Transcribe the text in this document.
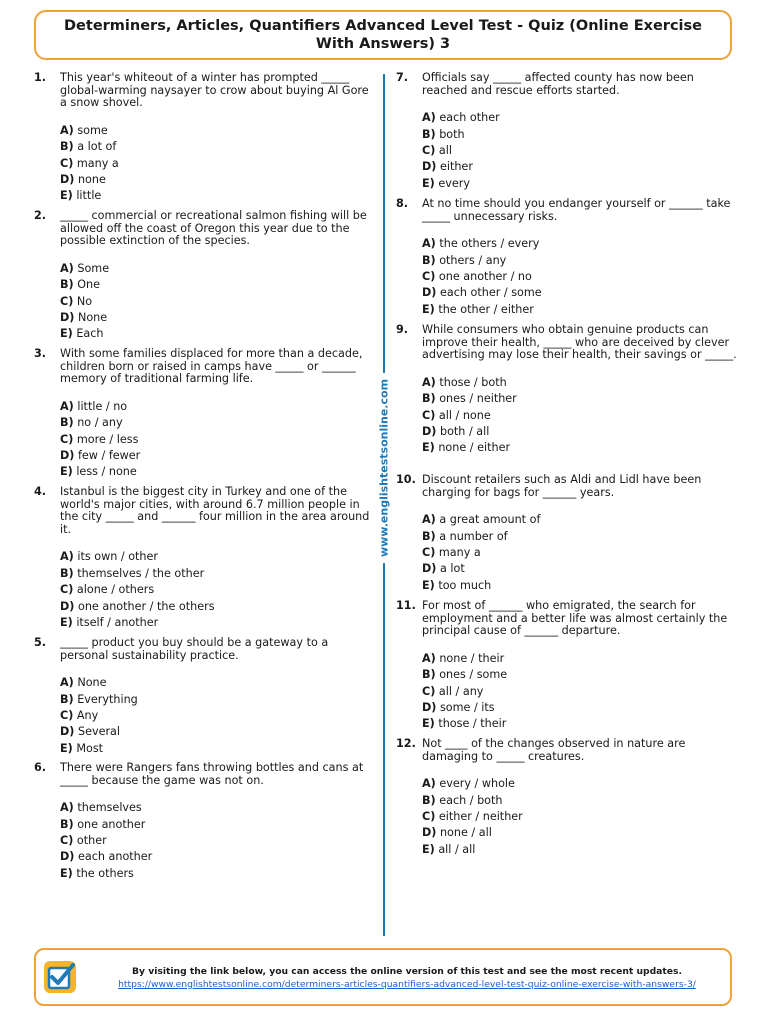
Determiners, Articles, Quantifiers Advanced Level Test - Quiz (Online Exercise With Answers) 3
1.	This year's whiteout of a winter has prompted _____ global-warming naysayer to crow about buying Al Gore a snow shovel.
A) some
B) a lot of
C) many a
D) none
E) little
2.	_____ commercial or recreational salmon fishing will be allowed off the coast of Oregon this year due to the possible extinction of the species.
A) Some
B) One
C) No
D) None
E) Each
3.	With some families displaced for more than a decade, children born or raised in camps have _____ or ______ memory of traditional farming life.
A) little / no
B) no / any
C) more / less
D) few / fewer
E) less / none
4.	Istanbul is the biggest city in Turkey and one of the world's major cities, with around 6.7 million people in the city _____ and ______ four million in the area around it.
A) its own / other
B) themselves / the other
C) alone / others
D) one another / the others
E) itself / another
5.	_____ product you buy should be a gateway to a personal sustainability practice.
A) None
B) Everything
C) Any
D) Several
E) Most
6.	There were Rangers fans throwing bottles and cans at _____ because the game was not on.
A) themselves
B) one another
C) other
D) each another
E) the others
7.	Officials say _____ affected county has now been reached and rescue efforts started.
A) each other
B) both
C) all
D) either
E) every
8.	At no time should you endanger yourself or ______ take _____ unnecessary risks.
A) the others / every
B) others / any
C) one another / no
D) each other / some
E) the other / either
9.	While consumers who obtain genuine products can improve their health, _____ who are deceived by clever advertising may lose their health, their savings or _____.
A) those / both
B) ones / neither
C) all / none
D) both / all
E) none / either
10. Discount retailers such as Aldi and Lidl have been charging for bags for ______ years.
A) a great amount of
B) a number of
C) many a
D) a lot
E) too much
11. For most of ______ who emigrated, the search for employment and a better life was almost certainly the principal cause of ______ departure.
A) none / their
B) ones / some
C) all / any
D) some / its
E) those / their
12. Not ____ of the changes observed in nature are damaging to _____ creatures.
A) every / whole
B) each / both
C) either / neither
D) none / all
E) all / all
www.englishtestsonline.com
By visiting the link below, you can access the online version of this test and see the most recent updates.
https://www.englishtestsonline.com/determiners-articles-quantifiers-advanced-level-test-quiz-online-exercise-with-answers-3/
